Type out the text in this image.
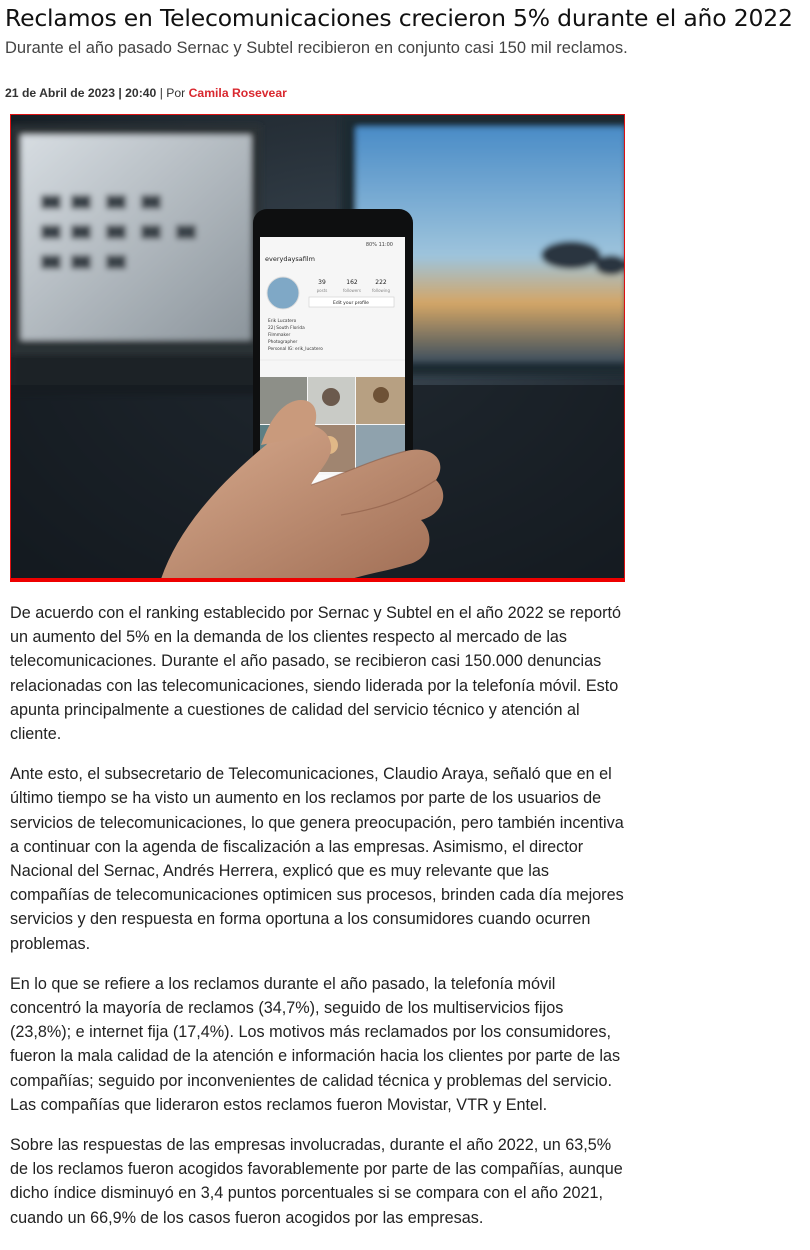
Reclamos en Telecomunicaciones crecieron 5% durante el año 2022
Durante el año pasado Sernac y Subtel recibieron en conjunto casi 150 mil reclamos.
21 de Abril de 2023 | 20:40 | Por Camila Rosevear
80% 11:00
everydaysafilm
39
posts
162
followers
222
following
Edit your profile
Erik Lucatero
22| South Florida
Filmmaker
Photographer
Personal IG: erik_lucatero

De acuerdo con el ranking establecido por Sernac y Subtel en el año 2022 se reportó un aumento del 5% en la demanda de los clientes respecto al mercado de las telecomunicaciones. Durante el año pasado, se recibieron casi 150.000 denuncias relacionadas con las telecomunicaciones, siendo liderada por la telefonía móvil. Esto apunta principalmente a cuestiones de calidad del servicio técnico y atención al cliente.

Ante esto, el subsecretario de Telecomunicaciones, Claudio Araya, señaló que en el último tiempo se ha visto un aumento en los reclamos por parte de los usuarios de servicios de telecomunicaciones, lo que genera preocupación, pero también incentiva a continuar con la agenda de fiscalización a las empresas. Asimismo, el director Nacional del Sernac, Andrés Herrera, explicó que es muy relevante que las compañías de telecomunicaciones optimicen sus procesos, brinden cada día mejores servicios y den respuesta en forma oportuna a los consumidores cuando ocurren problemas.

En lo que se refiere a los reclamos durante el año pasado, la telefonía móvil concentró la mayoría de reclamos (34,7%), seguido de los multiservicios fijos (23,8%); e internet fija (17,4%). Los motivos más reclamados por los consumidores, fueron la mala calidad de la atención e información hacia los clientes por parte de las compañías; seguido por inconvenientes de calidad técnica y problemas del servicio. Las compañías que lideraron estos reclamos fueron Movistar, VTR y Entel.

Sobre las respuestas de las empresas involucradas, durante el año 2022, un 63,5% de los reclamos fueron acogidos favorablemente por parte de las compañías, aunque dicho índice disminuyó en 3,4 puntos porcentuales si se compara con el año 2021, cuando un 66,9% de los casos fueron acogidos por las empresas.
